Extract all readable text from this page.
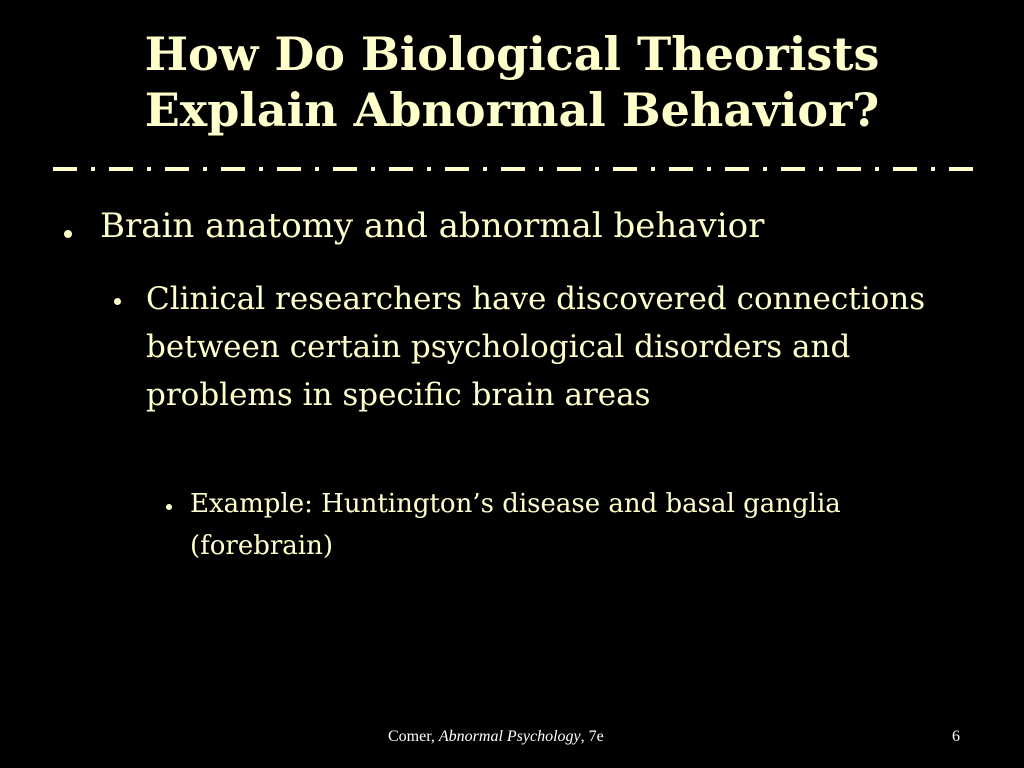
How Do Biological Theorists
Explain Abnormal Behavior?
Brain anatomy and abnormal behavior
Clinical researchers have discovered connections between certain psychological disorders and problems in specific brain areas
Example: Huntington’s disease and basal ganglia (forebrain)
Comer, Abnormal Psychology, 7e	6
